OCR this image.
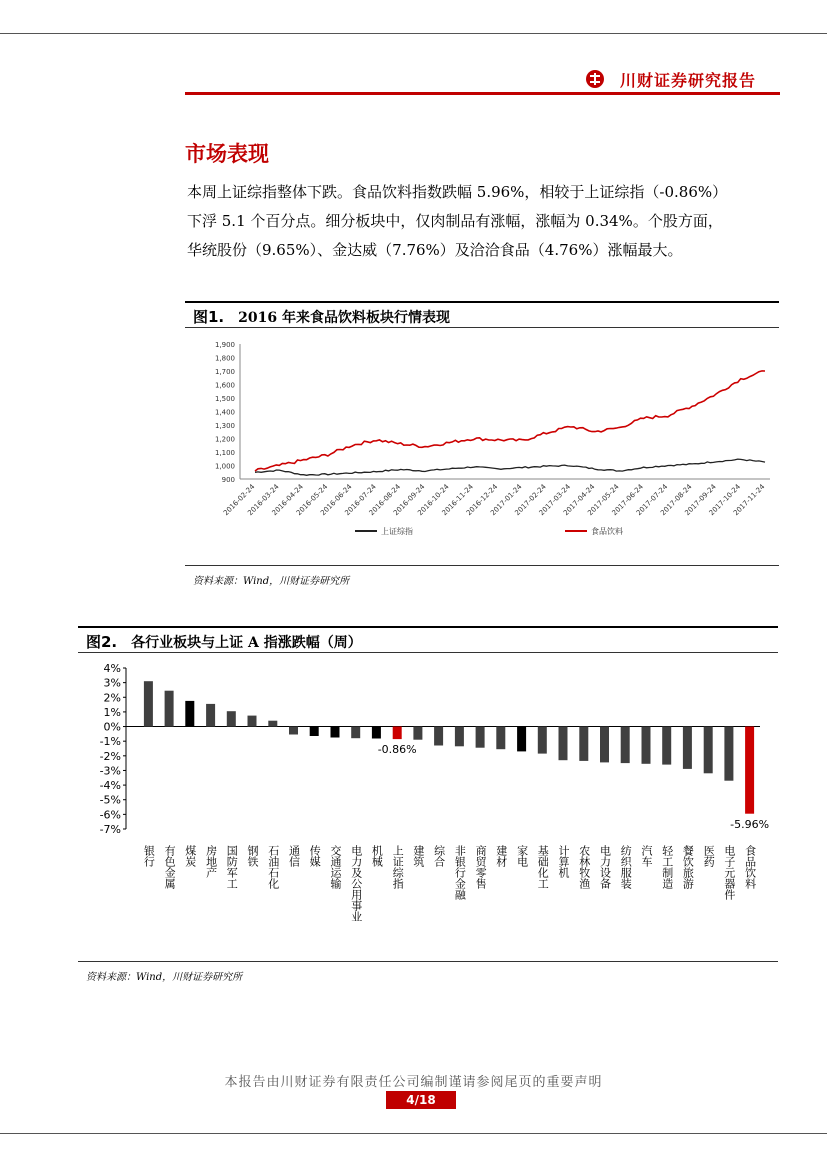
川财证券研究报告
市场表现

本周上证综指整体下跌。食品饮料指数跌幅 5.96%，相较于上证综指（-0.86%）

下浮 5.1 个百分点。细分板块中，仅肉制品有涨幅，涨幅为 0.34%。个股方面，

华统股份（9.65%）、金达威（7.76%）及洽洽食品（4.76%）涨幅最大。

图1. 2016 年来食品饮料板块行情表现
900
1,000
1,100
1,200
1,300
1,400
1,500
1,600
1,700
1,800
1,900
2016-02-24
2016-03-24
2016-04-24
2016-05-24
2016-06-24
2016-07-24
2016-08-24
2016-09-24
2016-10-24
2016-11-24
2016-12-24
2017-01-24
2017-02-24
2017-03-24
2017-04-24
2017-05-24
2017-06-24
2017-07-24
2017-08-24
2017-09-24
2017-10-24
2017-11-24
上证综指	食品饮料
资料来源：Wind，川财证券研究所
图2. 各行业板块与上证 A 指涨跌幅（周）
4%
3%
2%
1%
0%
-1%
-2%
-3%
-4%
-5%
-6%
-7%
-0.86%
-5.96%
银行 有色金属 煤炭 房地产 国防军工 钢铁 石油石化 通信 传媒 交通运输 电力及公用事业 机械 上证综指 建筑 综合 非银行金融 商贸零售 建材 家电 基础化工 计算机 农林牧渔 电力设备 纺织服装 汽车 轻工制造 餐饮旅游 医药 电子元器件 食品饮料
资料来源：Wind，川财证券研究所
本报告由川财证券有限责任公司编制谨请参阅尾页的重要声明
4/18
